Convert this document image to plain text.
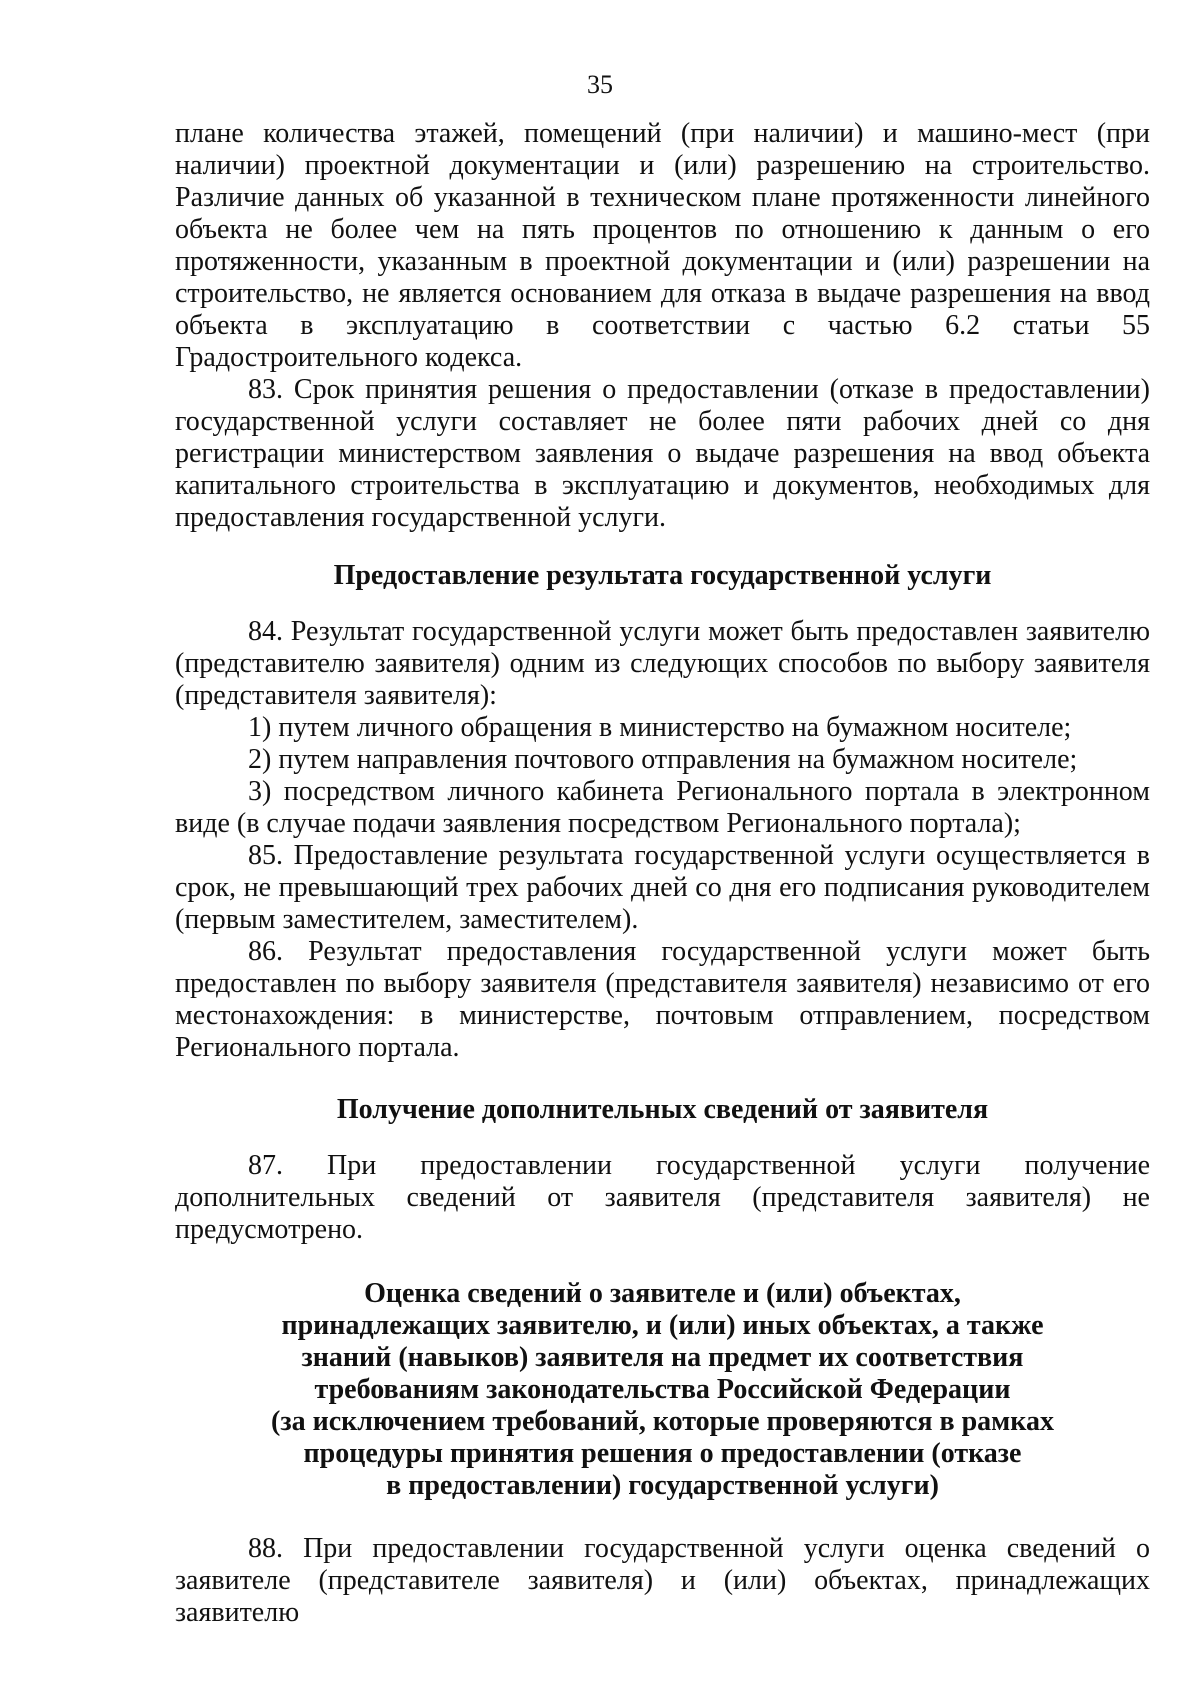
35

плане количества этажей, помещений (при наличии) и машино-мест (при наличии) проектной документации и (или) разрешению на строительство. Различие данных об указанной в техническом плане протяженности линейного объекта не более чем на пять процентов по отношению к данным о его протяженности, указанным в проектной документации и (или) разрешении на строительство, не является основанием для отказа в выдаче разрешения на ввод объекта в эксплуатацию в соответствии с частью 6.2 статьи 55 Градостроительного кодекса.

83. Срок принятия решения о предоставлении (отказе в предоставлении) государственной услуги составляет не более пяти рабочих дней со дня регистрации министерством заявления о выдаче разрешения на ввод объекта капитального строительства в эксплуатацию и документов, необходимых для предоставления государственной услуги.

Предоставление результата государственной услуги

84. Результат государственной услуги может быть предоставлен заявителю (представителю заявителя) одним из следующих способов по выбору заявителя (представителя заявителя):

1) путем личного обращения в министерство на бумажном носителе;

2) путем направления почтового отправления на бумажном носителе;

3) посредством личного кабинета Регионального портала в электронном виде (в случае подачи заявления посредством Регионального портала);

85. Предоставление результата государственной услуги осуществляется в срок, не превышающий трех рабочих дней со дня его подписания руководителем (первым заместителем, заместителем).

86. Результат предоставления государственной услуги может быть предоставлен по выбору заявителя (представителя заявителя) независимо от его местонахождения: в министерстве, почтовым отправлением, посредством Регионального портала.

Получение дополнительных сведений от заявителя

87. При предоставлении государственной услуги получение дополнительных сведений от заявителя (представителя заявителя) не предусмотрено.

Оценка сведений о заявителе и (или) объектах,
принадлежащих заявителю, и (или) иных объектах, а также
знаний (навыков) заявителя на предмет их соответствия
требованиям законодательства Российской Федерации
(за исключением требований, которые проверяются в рамках
процедуры принятия решения о предоставлении (отказе
в предоставлении) государственной услуги)

88. При предоставлении государственной услуги оценка сведений о заявителе (представителе заявителя) и (или) объектах, принадлежащих заявителю
